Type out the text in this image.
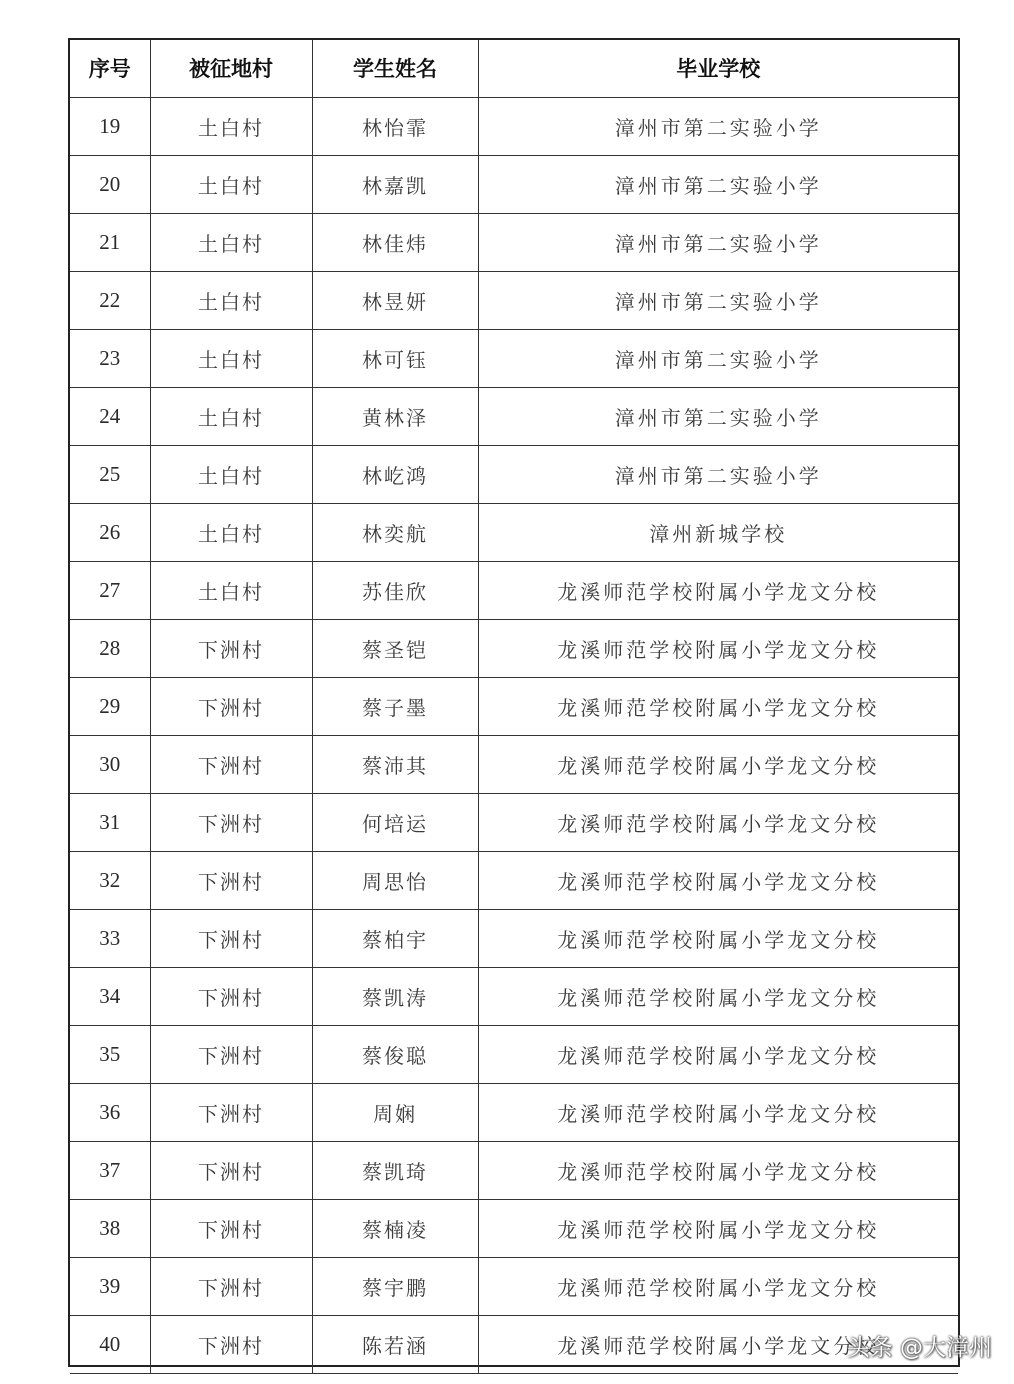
序号	被征地村	学生姓名	毕业学校
19	土白村	林怡霏	漳州市第二实验小学
20	土白村	林嘉凯	漳州市第二实验小学
21	土白村	林佳炜	漳州市第二实验小学
22	土白村	林昱妍	漳州市第二实验小学
23	土白村	林可钰	漳州市第二实验小学
24	土白村	黄林泽	漳州市第二实验小学
25	土白村	林屹鸿	漳州市第二实验小学
26	土白村	林奕航	漳州新城学校
27	土白村	苏佳欣	龙溪师范学校附属小学龙文分校
28	下洲村	蔡圣铠	龙溪师范学校附属小学龙文分校
29	下洲村	蔡子墨	龙溪师范学校附属小学龙文分校
30	下洲村	蔡沛其	龙溪师范学校附属小学龙文分校
31	下洲村	何培运	龙溪师范学校附属小学龙文分校
32	下洲村	周思怡	龙溪师范学校附属小学龙文分校
33	下洲村	蔡柏宇	龙溪师范学校附属小学龙文分校
34	下洲村	蔡凯涛	龙溪师范学校附属小学龙文分校
35	下洲村	蔡俊聪	龙溪师范学校附属小学龙文分校
36	下洲村	周娴	龙溪师范学校附属小学龙文分校
37	下洲村	蔡凯琦	龙溪师范学校附属小学龙文分校
38	下洲村	蔡楠凌	龙溪师范学校附属小学龙文分校
39	下洲村	蔡宇鹏	龙溪师范学校附属小学龙文分校
40	下洲村	陈若涵	龙溪师范学校附属小学龙文分校
头条 @大漳州
